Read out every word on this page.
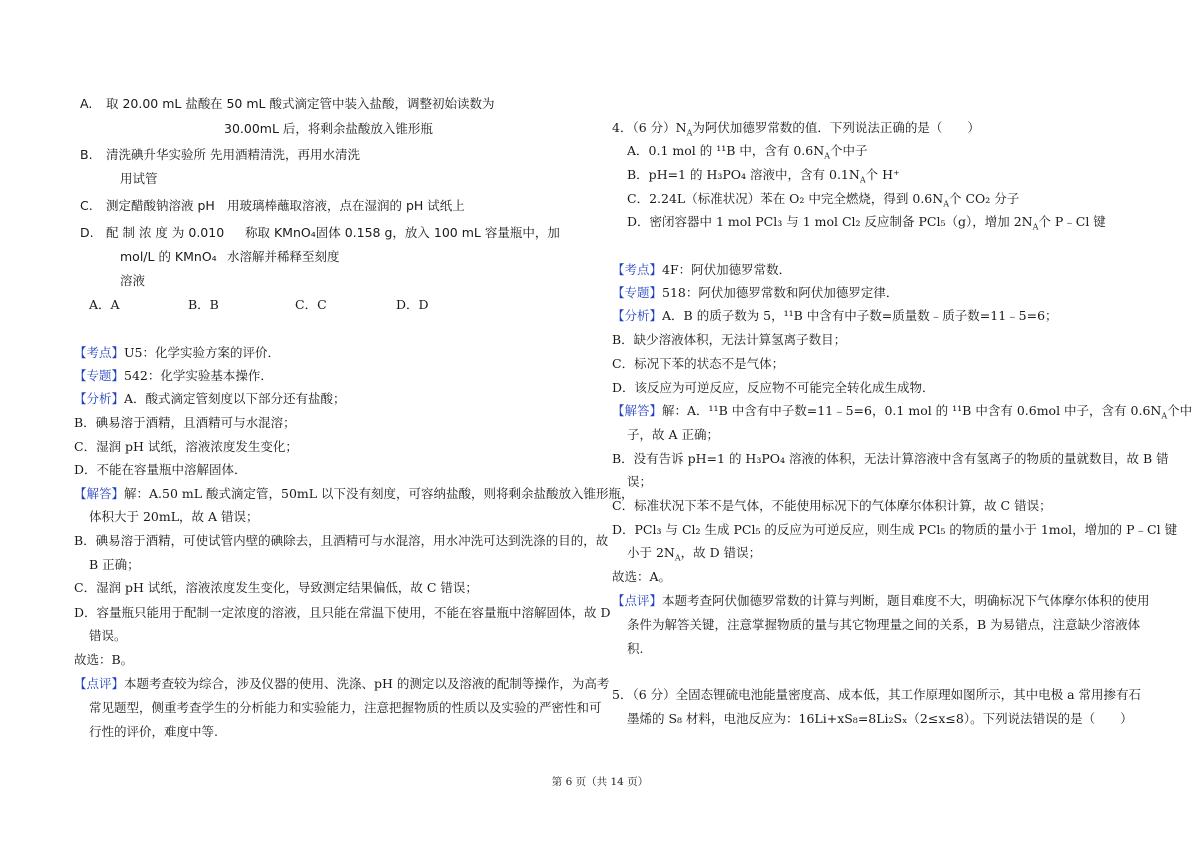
A. 取 20.00 mL 盐酸 在 50 mL 酸式滴定管中装入盐酸，调整初始读数为
30.00mL 后，将剩余盐酸放入锥形瓶
B. 清洗碘升华实验所 先用酒精清洗，再用水清洗
用试管
C. 测定醋酸钠溶液 pH 用玻璃棒蘸取溶液，点在湿润的 pH 试纸上
D. 配 制 浓 度 为 0.010 称取 KMnO₄固体 0.158 g，放入 100 mL 容量瓶中，加
mol/L 的 KMnO₄ 水溶解并稀释至刻度
溶液
A．A	B．B	C．C	D．D
【考点】U5：化学实验方案的评价．
【专题】542：化学实验基本操作．
【分析】A．酸式滴定管刻度以下部分还有盐酸；
B．碘易溶于酒精，且酒精可与水混溶；
C．湿润 pH 试纸，溶液浓度发生变化；
D．不能在容量瓶中溶解固体．
【解答】解：A.50 mL 酸式滴定管，50mL 以下没有刻度，可容纳盐酸，则将剩余盐酸放入锥形瓶，
体积大于 20mL，故 A 错误；
B．碘易溶于酒精，可使试管内壁的碘除去，且酒精可与水混溶，用水冲洗可达到洗涤的目的，故
B 正确；
C．湿润 pH 试纸，溶液浓度发生变化，导致测定结果偏低，故 C 错误；
D．容量瓶只能用于配制一定浓度的溶液，且只能在常温下使用，不能在容量瓶中溶解固体，故 D
错误。
故选：B。
【点评】本题考查较为综合，涉及仪器的使用、洗涤、pH 的测定以及溶液的配制等操作，为高考
常见题型，侧重考查学生的分析能力和实验能力，注意把握物质的性质以及实验的严密性和可
行性的评价，难度中等.
4．（6 分）$N_A$为阿伏加德罗常数的值．下列说法正确的是（　　）
A．0.1 mol 的 ¹¹B 中，含有 $0.6N_A$个中子
B．pH=1 的 H₃PO₄ 溶液中，含有 $0.1N_A$个 H⁺
C．2.24L（标准状况）苯在 O₂ 中完全燃烧，得到 $0.6N_A$个 CO₂ 分子
D．密闭容器中 1 mol PCl₃ 与 1 mol Cl₂ 反应制备 PCl₅（g），增加 $2N_A$个 P﹣Cl 键
【考点】4F：阿伏加德罗常数．
【专题】518：阿伏加德罗常数和阿伏加德罗定律．
【分析】A．B 的质子数为 5，¹¹B 中含有中子数=质量数﹣质子数=11﹣5=6；
B．缺少溶液体积，无法计算氢离子数目；
C．标况下苯的状态不是气体；
D．该反应为可逆反应，反应物不可能完全转化成生成物．
【解答】解：A．¹¹B 中含有中子数=11﹣5=6，0.1 mol 的 ¹¹B 中含有 0.6mol 中子，含有 $0.6N_A$个中
子，故 A 正确；
B．没有告诉 pH=1 的 H₃PO₄ 溶液的体积，无法计算溶液中含有氢离子的物质的量就数目，故 B 错
误；
C．标准状况下苯不是气体，不能使用标况下的气体摩尔体积计算，故 C 错误；
D．PCl₃ 与 Cl₂ 生成 PCl₅ 的反应为可逆反应，则生成 PCl₅ 的物质的量小于 1mol，增加的 P﹣Cl 键
小于 $2N_A$，故 D 错误；
故选：A。
【点评】本题考查阿伏伽德罗常数的计算与判断，题目难度不大，明确标况下气体摩尔体积的使用
条件为解答关键，注意掌握物质的量与其它物理量之间的关系，B 为易错点，注意缺少溶液体
积.
5．（6 分）全固态锂硫电池能量密度高、成本低，其工作原理如图所示，其中电极 a 常用掺有石
墨烯的 S₈ 材料，电池反应为：16Li+xS₈=8Li₂Sₓ（2≤x≤8）。下列说法错误的是（　　）
第 6 页（共 14 页）
